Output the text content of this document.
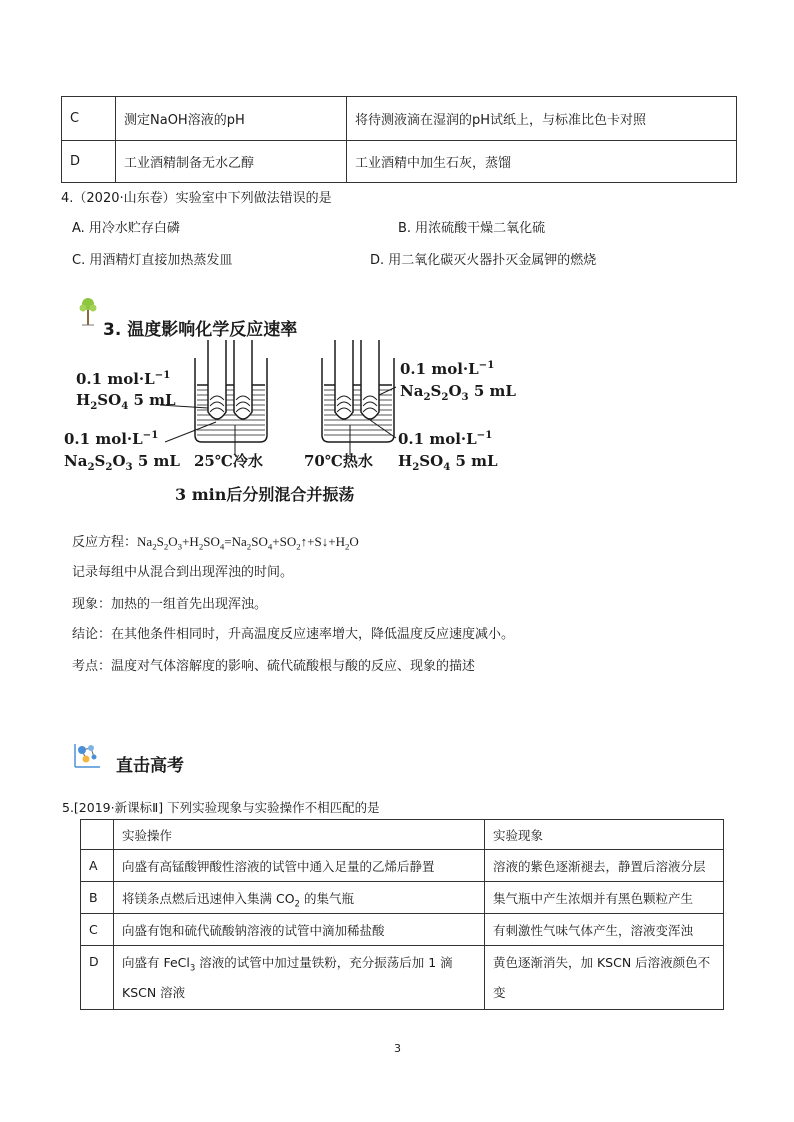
C	测定NaOH溶液的pH	将待测液滴在湿润的pH试纸上，与标准比色卡对照
D	工业酒精制备无水乙醇	工业酒精中加生石灰，蒸馏
4.（2020·山东卷）实验室中下列做法错误的是
A. 用冷水贮存白磷	B. 用浓硫酸干燥二氧化硫
C. 用酒精灯直接加热蒸发皿	D. 用二氧化碳灭火器扑灭金属钾的燃烧
3. 温度影响化学反应速率
0.1 $mol\cdot L^{-1}$
$H_2SO_4$ 5 mL
0.1 $mol\cdot L^{-1}$
$Na_2S_2O_3$ 5 mL 25℃冷水
0.1 $mol\cdot L^{-1}$
$Na_2S_2O_3$ 5 mL
0.1 $mol\cdot L^{-1}$
70℃热水 $H_2SO_4$ 5 mL
3 min后分别混合并振荡
反应方程：$Na_2S_2O_3+H_2SO_4=Na_2SO_4+SO_2↑+S↓+H_2O$
记录每组中从混合到出现浑浊的时间。
现象：加热的一组首先出现浑浊。
结论：在其他条件相同时，升高温度反应速率增大，降低温度反应速度减小。
考点：温度对气体溶解度的影响、硫代硫酸根与酸的反应、现象的描述
直击高考
5.[2019·新课标Ⅱ] 下列实验现象与实验操作不相匹配的是
	实验操作	实验现象
A	向盛有高锰酸钾酸性溶液的试管中通入足量的乙烯后静置	溶液的紫色逐渐褪去，静置后溶液分层
B	将镁条点燃后迅速伸入集满 $CO_2$ 的集气瓶	集气瓶中产生浓烟并有黑色颗粒产生
C	向盛有饱和硫代硫酸钠溶液的试管中滴加稀盐酸	有刺激性气味气体产生，溶液变浑浊
D	向盛有 FeCl$_3$ 溶液的试管中加过量铁粉，充分振荡后加 1 滴 KSCN 溶液	黄色逐渐消失，加 KSCN 后溶液颜色不变
3
